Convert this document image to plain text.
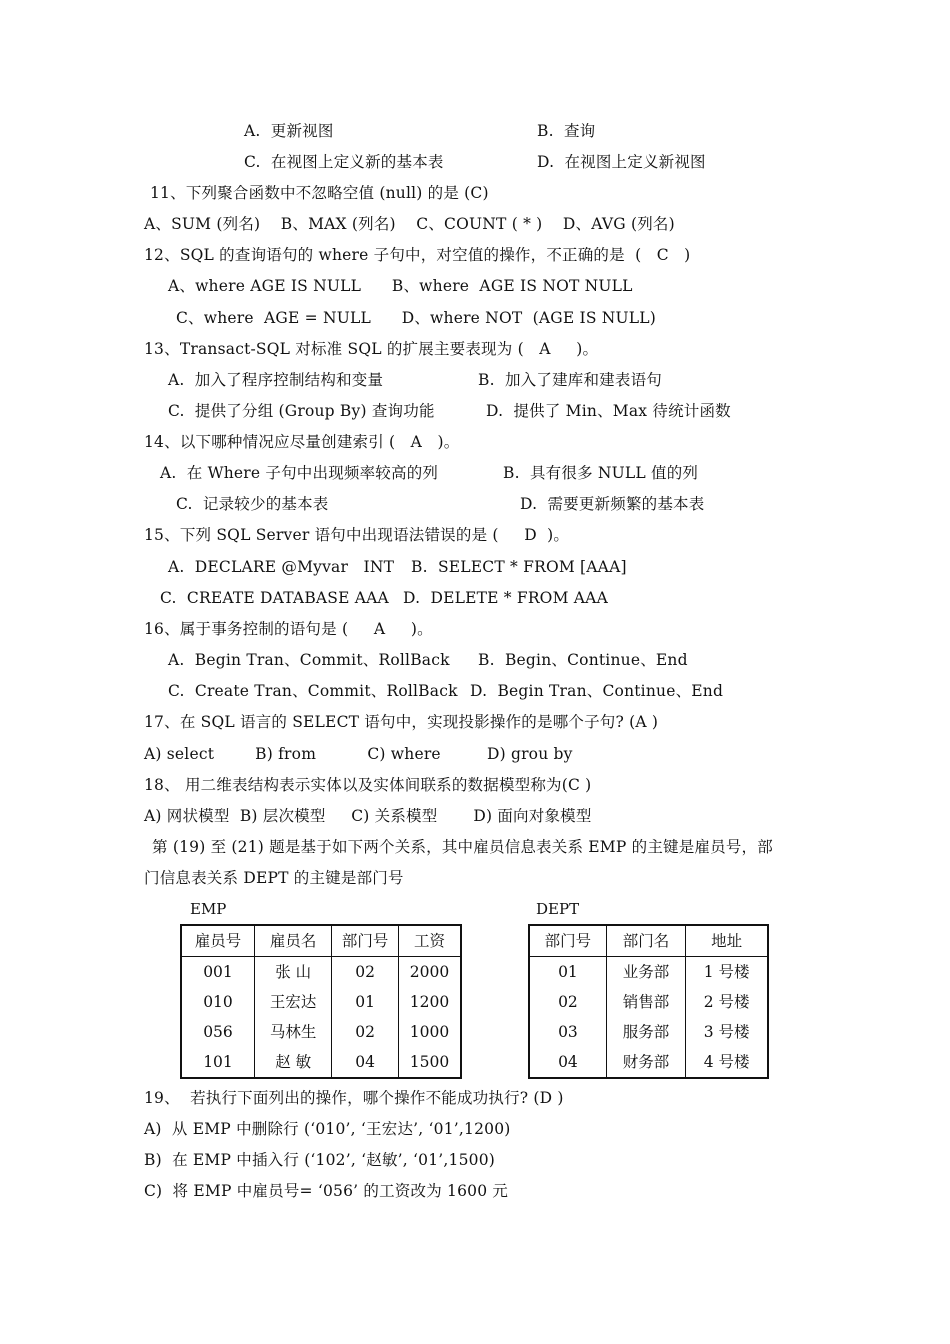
A.  更新视图	B.  查询
C.  在视图上定义新的基本表	D.  在视图上定义新视图
11、下列聚合函数中不忽略空值 (null) 的是 (C)
A、SUM (列名)    B、MAX (列名)    C、COUNT ( * )    D、AVG (列名)
12、SQL 的查询语句的 where 子句中，对空值的操作，不正确的是  (   C   )
A、where AGE IS NULL      B、where  AGE IS NOT NULL
C、where  AGE = NULL      D、where NOT  (AGE IS NULL)
13、Transact-SQL 对标准 SQL 的扩展主要表现为 (   A     )。
A.  加入了程序控制结构和变量	B.  加入了建库和建表语句
C.  提供了分组 (Group By) 查询功能	D.  提供了 Min、Max 待统计函数
14、以下哪种情况应尽量创建索引 (   A   )。
A.  在 Where 子句中出现频率较高的列	B.  具有很多 NULL 值的列
C.  记录较少的基本表	D.  需要更新频繁的基本表
15、下列 SQL Server 语句中出现语法错误的是 (     D  )。
A.  DECLARE @Myvar   INT B.  SELECT * FROM [AAA]
C.  CREATE DATABASE AAA D.  DELETE * FROM AAA
16、属于事务控制的语句是 (     A     )。
A.  Begin Tran、Commit、RollBack B.  Begin、Continue、End
C.  Create Tran、Commit、RollBack D.  Begin Tran、Continue、End
17、在 SQL 语言的 SELECT 语句中，实现投影操作的是哪个子句? (A )
A) select        B) from          C) where         D) grou by
18、 用二维表结构表示实体以及实体间联系的数据模型称为(C )
A) 网状模型  B) 层次模型     C) 关系模型       D) 面向对象模型
第 (19) 至 (21) 题是基于如下两个关系，其中雇员信息表关系 EMP 的主键是雇员号，部
门信息表关系 DEPT 的主键是部门号
EMP
雇员号	雇员名	部门号	工资
001	张 山	02	2000
010	王宏达	01	1200
056	马林生	02	1000
101	赵 敏	04	1500
DEPT
部门号	部门名	地址
01	业务部	1 号楼
02	销售部	2 号楼
03	服务部	3 号楼
04	财务部	4 号楼
19、  若执行下面列出的操作，哪个操作不能成功执行? (D )
A)  从 EMP 中删除行 (‘010’, ‘王宏达’, ‘01’,1200)
B)  在 EMP 中插入行 (‘102’, ‘赵敏’, ‘01’,1500)
C)  将 EMP 中雇员号= ‘056’ 的工资改为 1600 元
